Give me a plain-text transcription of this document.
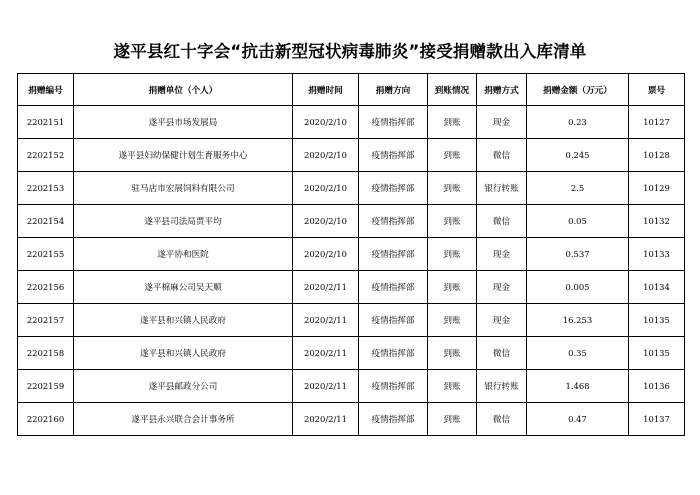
遂平县红十字会“抗击新型冠状病毒肺炎”接受捐赠款出入库清单
捐赠编号	捐赠单位（个人）	捐赠时间	捐赠方向	到账情况	捐赠方式	捐赠金额（万元）	票号
2202151	遂平县市场发展局	2020/2/10	疫情指挥部	到账	现金	0.23	10127
2202152	遂平县妇幼保健计划生育服务中心	2020/2/10	疫情指挥部	到账	微信	0.245	10128
2202153	驻马店市宏展饲料有限公司	2020/2/10	疫情指挥部	到账	银行转账	2.5	10129
2202154	遂平县司法局贾平均	2020/2/10	疫情指挥部	到账	微信	0.05	10132
2202155	遂平协和医院	2020/2/10	疫情指挥部	到账	现金	0.537	10133
2202156	遂平棉麻公司吴天顺	2020/2/11	疫情指挥部	到账	现金	0.005	10134
2202157	遂平县和兴镇人民政府	2020/2/11	疫情指挥部	到账	现金	16.253	10135
2202158	遂平县和兴镇人民政府	2020/2/11	疫情指挥部	到账	微信	0.35	10135
2202159	遂平县邮政分公司	2020/2/11	疫情指挥部	到账	银行转账	1.468	10136
2202160	遂平县永兴联合会计事务所	2020/2/11	疫情指挥部	到账	微信	0.47	10137
